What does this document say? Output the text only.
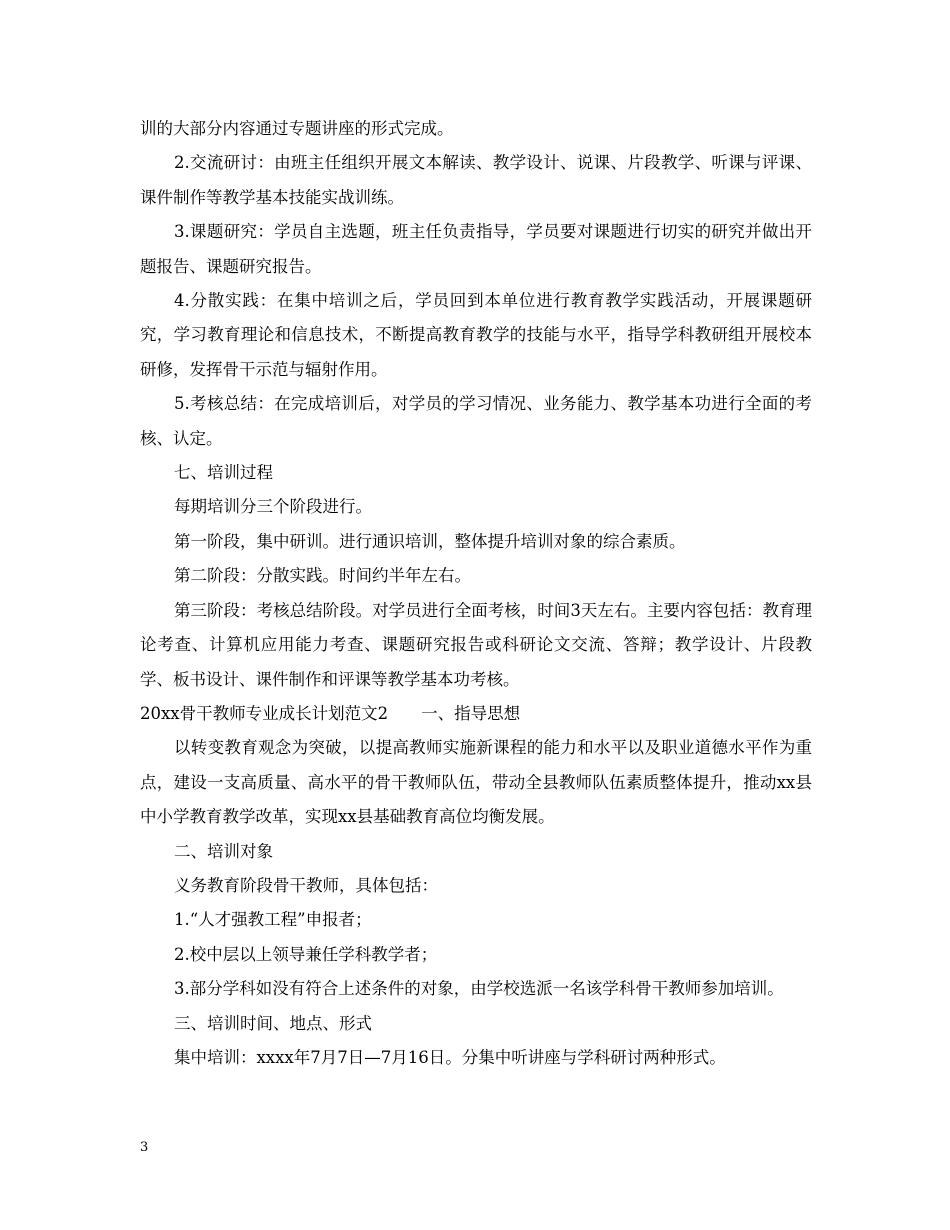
训的大部分内容通过专题讲座的形式完成。

2.交流研讨：由班主任组织开展文本解读、教学设计、说课、片段教学、听课与评课、课件制作等教学基本技能实战训练。

3.课题研究：学员自主选题，班主任负责指导，学员要对课题进行切实的研究并做出开题报告、课题研究报告。

4.分散实践：在集中培训之后，学员回到本单位进行教育教学实践活动，开展课题研究，学习教育理论和信息技术，不断提高教育教学的技能与水平，指导学科教研组开展校本研修，发挥骨干示范与辐射作用。

5.考核总结：在完成培训后，对学员的学习情况、业务能力、教学基本功进行全面的考核、认定。

七、培训过程

每期培训分三个阶段进行。

第一阶段，集中研训。进行通识培训，整体提升培训对象的综合素质。

第二阶段：分散实践。时间约半年左右。

第三阶段：考核总结阶段。对学员进行全面考核，时间3天左右。主要内容包括：教育理论考查、计算机应用能力考查、课题研究报告或科研论文交流、答辩；教学设计、片段教学、板书设计、课件制作和评课等教学基本功考核。

20xx骨干教师专业成长计划范文2　　一、指导思想

以转变教育观念为突破，以提高教师实施新课程的能力和水平以及职业道德水平作为重点，建设一支高质量、高水平的骨干教师队伍，带动全县教师队伍素质整体提升，推动xx县中小学教育教学改革，实现xx县基础教育高位均衡发展。

二、培训对象

义务教育阶段骨干教师，具体包括：

1.“人才强教工程”申报者；

2.校中层以上领导兼任学科教学者；

3.部分学科如没有符合上述条件的对象，由学校选派一名该学科骨干教师参加培训。

三、培训时间、地点、形式

集中培训：xxxx年7月7日—7月16日。分集中听讲座与学科研讨两种形式。

3
